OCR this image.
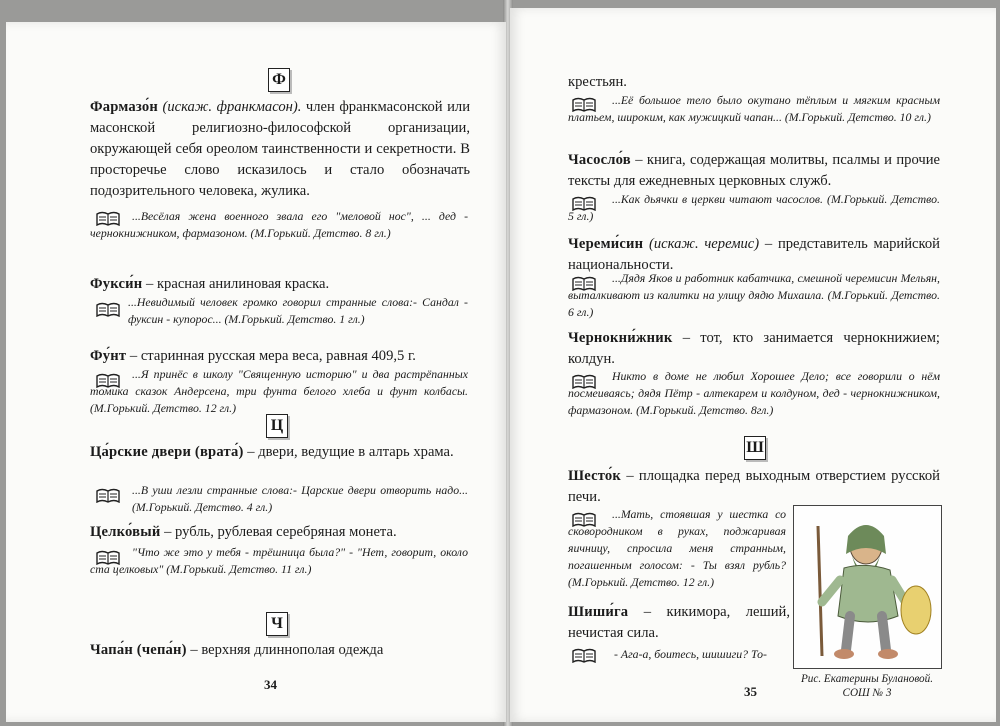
Ф
Фармазо́н (искаж. франкмасон). член франкмасонской или масонской религиозно-философской организации, окружающей себя ореолом таинственности и секретности. В просторечье слово исказилось и стало обозначать подозрительного человека, жулика.
...Весёлая жена военного звала его "меловой нос", ... дед - чернокнижником, фармазоном. (М.Горький. Детство. 8 гл.)
Фукси́н – красная анилиновая краска.
...Невидимый человек громко говорил странные слова:- Сандал - фуксин - купорос... (М.Горький. Детство. 1 гл.)
Фу́нт – старинная русская мера веса, равная 409,5 г.
...Я принёс в школу "Священную историю" и два растрёпанных томика сказок Андерсена, три фунта белого хлеба и фунт колбасы. (М.Горький. Детство. 12 гл.)
Ц
Ца́рские двери (врата́) – двери, ведущие в алтарь храма.
...В уши лезли странные слова:- Царские двери отворить надо... (М.Горький. Детство. 4 гл.)
Целко́вый – рубль, рублевая серебряная монета.
"Что же это у тебя - трёшница была?" - "Нет, говорит, около ста целковых" (М.Горький. Детство. 11 гл.)
Ч
Чапа́н (чепа́н) – верхняя длиннополая одежда
34
крестьян.
...Её большое тело было окутано тёплым и мягким красным платьем, широким, как мужицкий чапан... (М.Горький. Детство. 10 гл.)
Часосло́в – книга, содержащая молитвы, псалмы и прочие тексты для ежедневных церковных служб.
...Как дьячки в церкви читают часослов. (М.Горький. Детство. 5 гл.)
Череми́син (искаж. черемис) – представитель марийской национальности.
...Дядя Яков и работник кабатчика, смешной черемисин Мельян, выталкивают из калитки на улицу дядю Михаила. (М.Горький. Детство. 6 гл.)
Чернокни́жник – тот, кто занимается чернокнижием; колдун.
Никто в доме не любил Хорошее Дело; все говорили о нём посмеиваясь; дядя Пётр - алтекарем и колдуном, дед - чернокнижником, фармазоном. (М.Горький. Детство. 8гл.)
Ш
Шесто́к – площадка перед выходным отверстием русской печи.
...Мать, стоявшая у шестка со сковородником в руках, поджаривая яичницу, спросила меня странным, погашенным голосом: - Ты взял рубль? (М.Горький. Детство. 12 гл.)
Шиши́га – кикимора, леший, нечистая сила.
- Ага-а, боитесь, шишиги? То-
Рис. Екатерины Булановой.
СОШ № 3
35
